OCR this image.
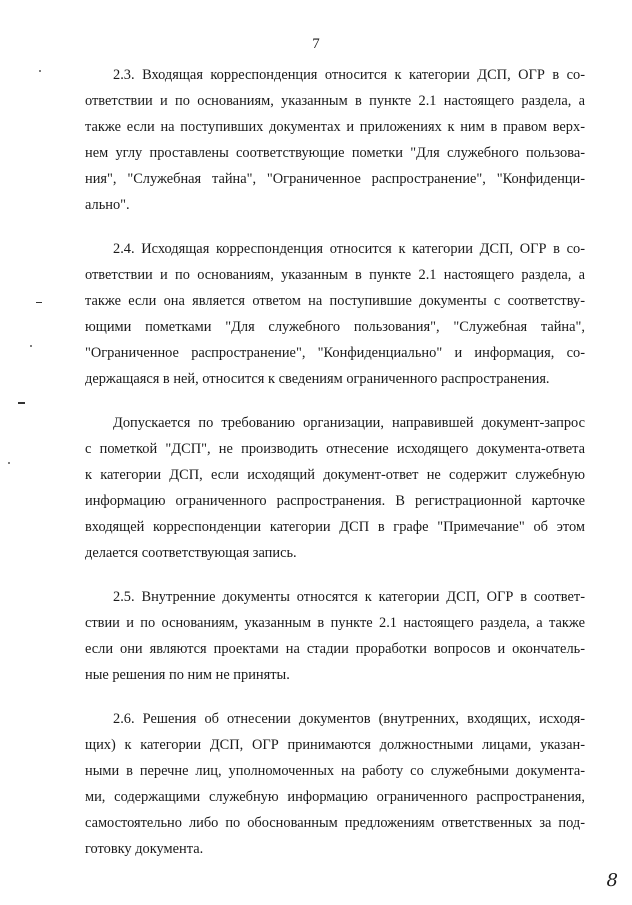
7
2.3. Входящая корреспонденция относится к категории ДСП, ОГР в со-
ответствии и по основаниям, указанным в пункте 2.1 настоящего раздела, а
также если на поступивших документах и приложениях к ним в правом верх-
нем углу проставлены соответствующие пометки "Для служебного пользова-
ния", "Служебная тайна", "Ограниченное распространение", "Конфиденци-
ально".
2.4. Исходящая корреспонденция относится к категории ДСП, ОГР в со-
ответствии и по основаниям, указанным в пункте 2.1 настоящего раздела, а
также если она является ответом на поступившие документы с соответству-
ющими пометками "Для служебного пользования", "Служебная тайна",
"Ограниченное распространение", "Конфиденциально" и информация, со-
держащаяся в ней, относится к сведениям ограниченного распространения.
Допускается по требованию организации, направившей документ-запрос
с пометкой "ДСП", не производить отнесение исходящего документа-ответа
к категории ДСП, если исходящий документ-ответ не содержит служебную
информацию ограниченного распространения. В регистрационной карточке
входящей корреспонденции категории ДСП в графе "Примечание" об этом
делается соответствующая запись.
2.5. Внутренние документы относятся к категории ДСП, ОГР в соответ-
ствии и по основаниям, указанным в пункте 2.1 настоящего раздела, а также
если они являются проектами на стадии проработки вопросов и окончатель-
ные решения по ним не приняты.
2.6. Решения об отнесении документов (внутренних, входящих, исходя-
щих) к категории ДСП, ОГР принимаются должностными лицами, указан-
ными в перечне лиц, уполномоченных на работу со служебными документа-
ми, содержащими служебную информацию ограниченного распространения,
самостоятельно либо по обоснованным предложениям ответственных за под-
готовку документа.
8
